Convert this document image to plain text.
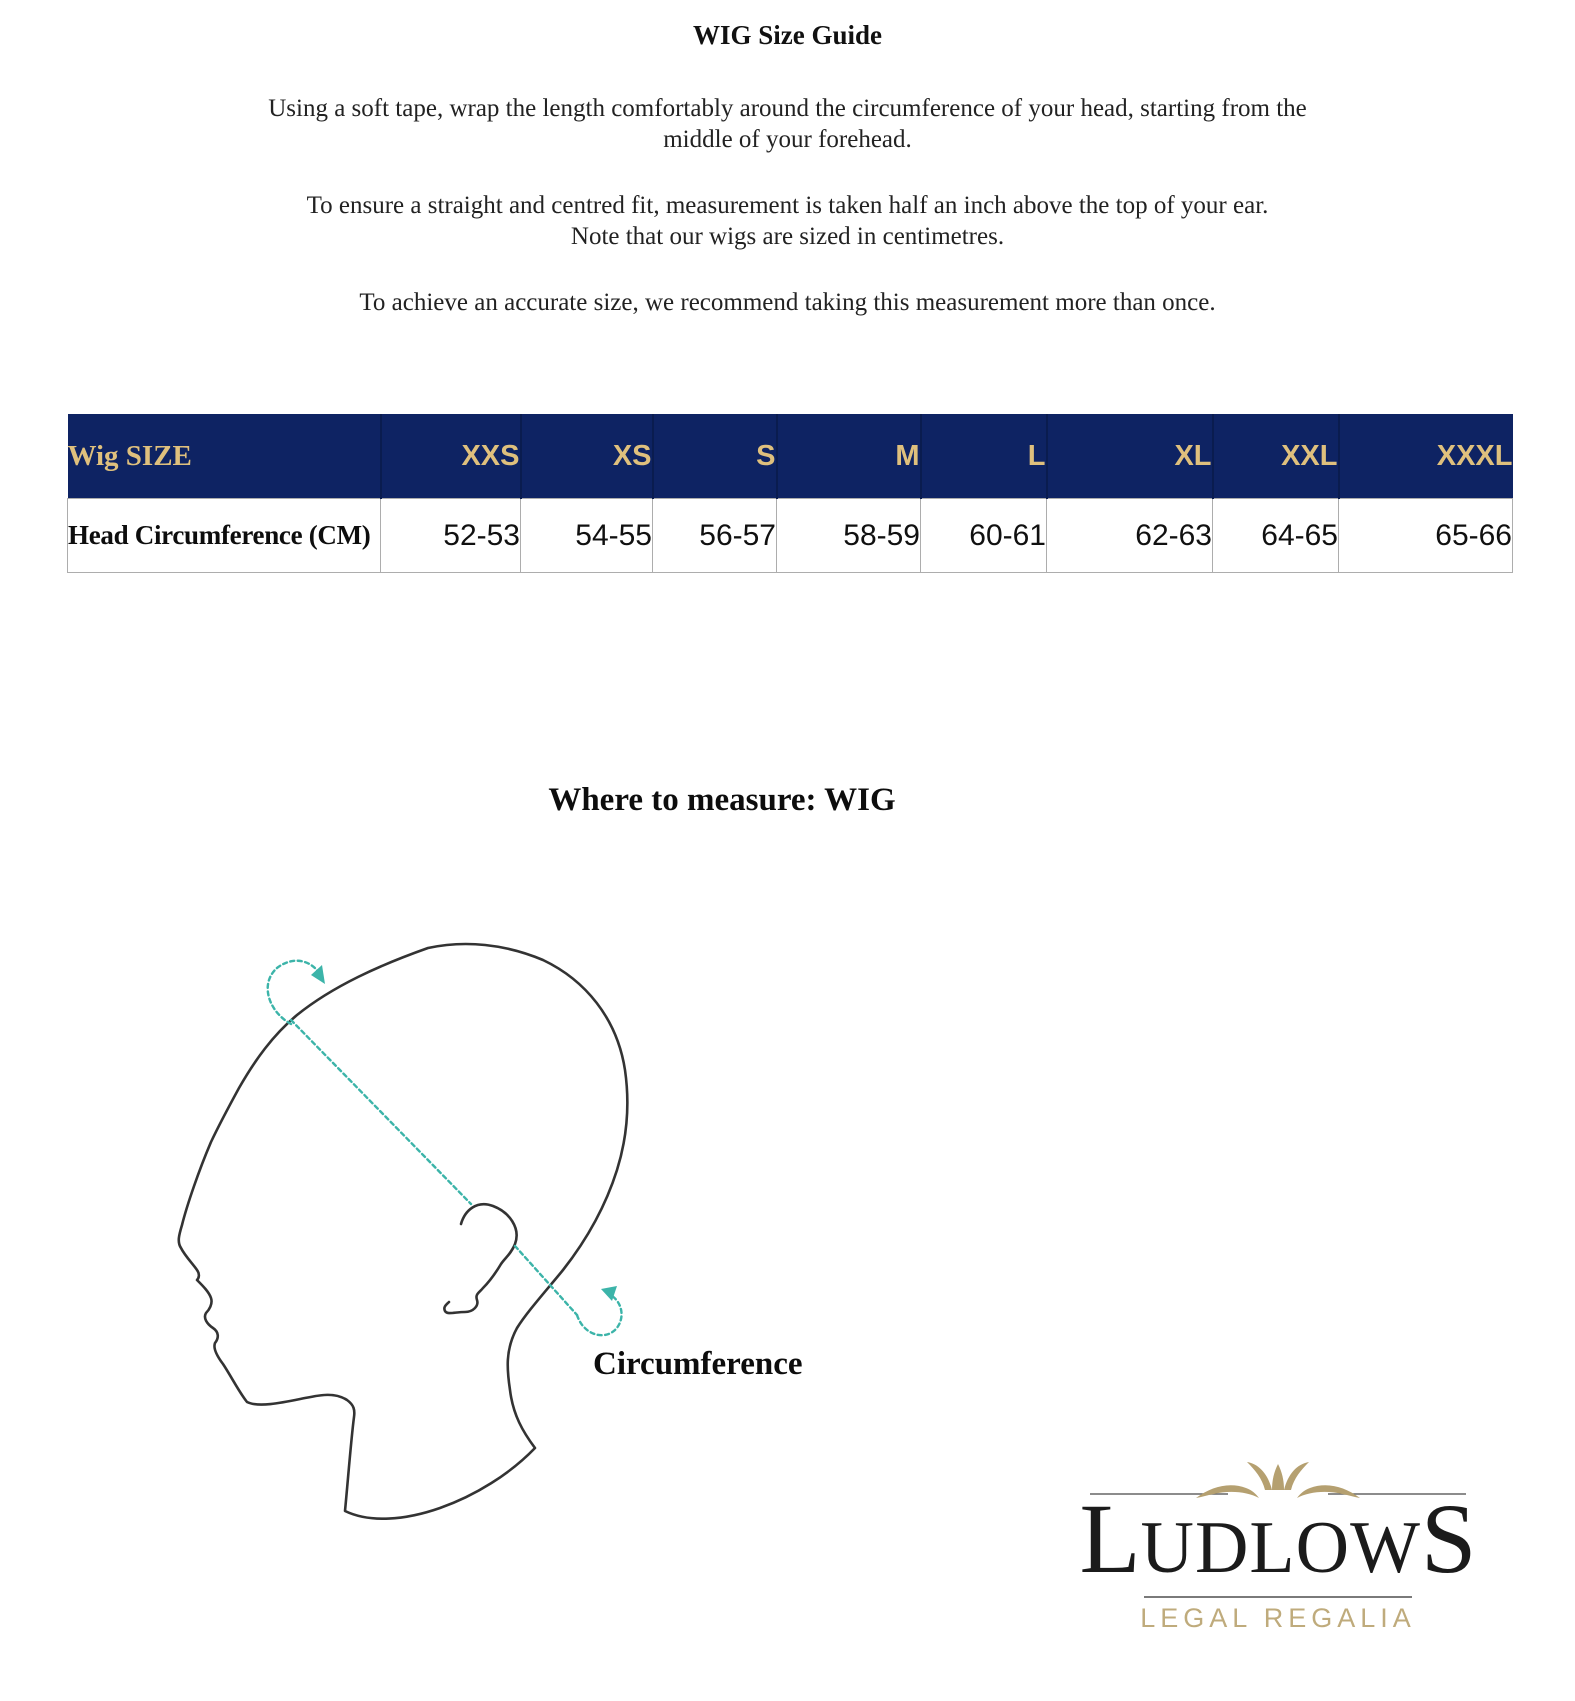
WIG Size Guide
Using a soft tape, wrap the length comfortably around the circumference of your head, starting from the
middle of your forehead.
To ensure a straight and centred fit, measurement is taken half an inch above the top of your ear.
Note that our wigs are sized in centimetres.
To achieve an accurate size, we recommend taking this measurement more than once.
Wig SIZE	XXS	XS	S	M	L	XL	XXL	XXXL
Head Circumference (CM)	52-53	54-55	56-57	58-59	60-61	62-63	64-65	65-66
Where to measure: WIG
Circumference
LUDLOWS
LEGAL REGALIA
